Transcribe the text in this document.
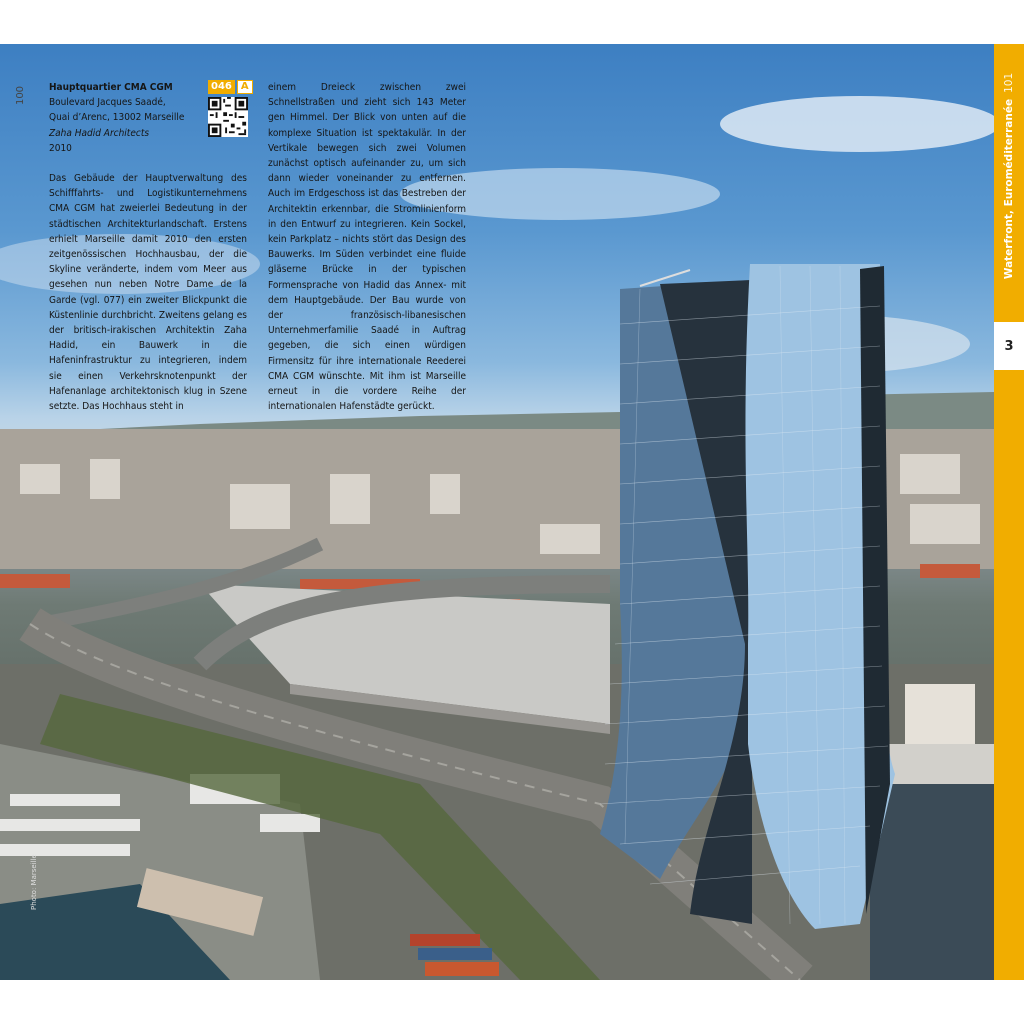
100 Hauptquartier CMA CGM
Boulevard Jacques Saadé,
Quai d’Arenc, 13002 Marseille
Zaha Hadid Architects
2010
Das Gebäude der Hauptverwaltung des Schifffahrts- und Logistikunternehmens CMA CGM hat zweierlei Bedeutung in der städtischen Architekturlandschaft. Erstens erhielt Marseille damit 2010 den ersten zeitgenössischen Hochhausbau, der die Skyline veränderte, indem vom Meer aus gesehen nun neben Notre Dame de la Garde (vgl. 077) ein zweiter Blickpunkt die Küstenlinie durchbricht. Zweitens gelang es der britisch-irakischen Architektin Zaha Hadid, ein Bauwerk in die Hafeninfrastruktur zu integrieren, indem sie einen Verkehrsknotenpunkt der Hafenanlage architektonisch klug in Szene setzte. Das Hochhaus steht in
046 A	einem Dreieck zwischen zwei Schnellstraßen und zieht sich 143 Meter gen Himmel. Der Blick von unten auf die komplexe Situation ist spektakulär. In der Vertikale bewegen sich zwei Volumen zunächst optisch aufeinander zu, um sich dann wieder voneinander zu entfernen. Auch im Erdgeschoss ist das Bestreben der Architektin erkennbar, die Stromlinienform in den Entwurf zu integrieren. Kein Sockel, kein Parkplatz – nichts stört das Design des Bauwerks. Im Süden verbindet eine fluide gläserne Brücke in der typischen Formensprache von Hadid das Annex- mit dem Hauptgebäude. Der Bau wurde von der französisch-libanesischen Unternehmerfamilie Saadé in Auftrag gegeben, die sich einen würdigen Firmensitz für ihre internationale Reederei CMA CGM wünschte. Mit ihm ist Marseille erneut in die vordere Reihe der internationalen Hafenstädte gerückt.
Photo: Marseille
Waterfront, Euroméditerranée101
3
